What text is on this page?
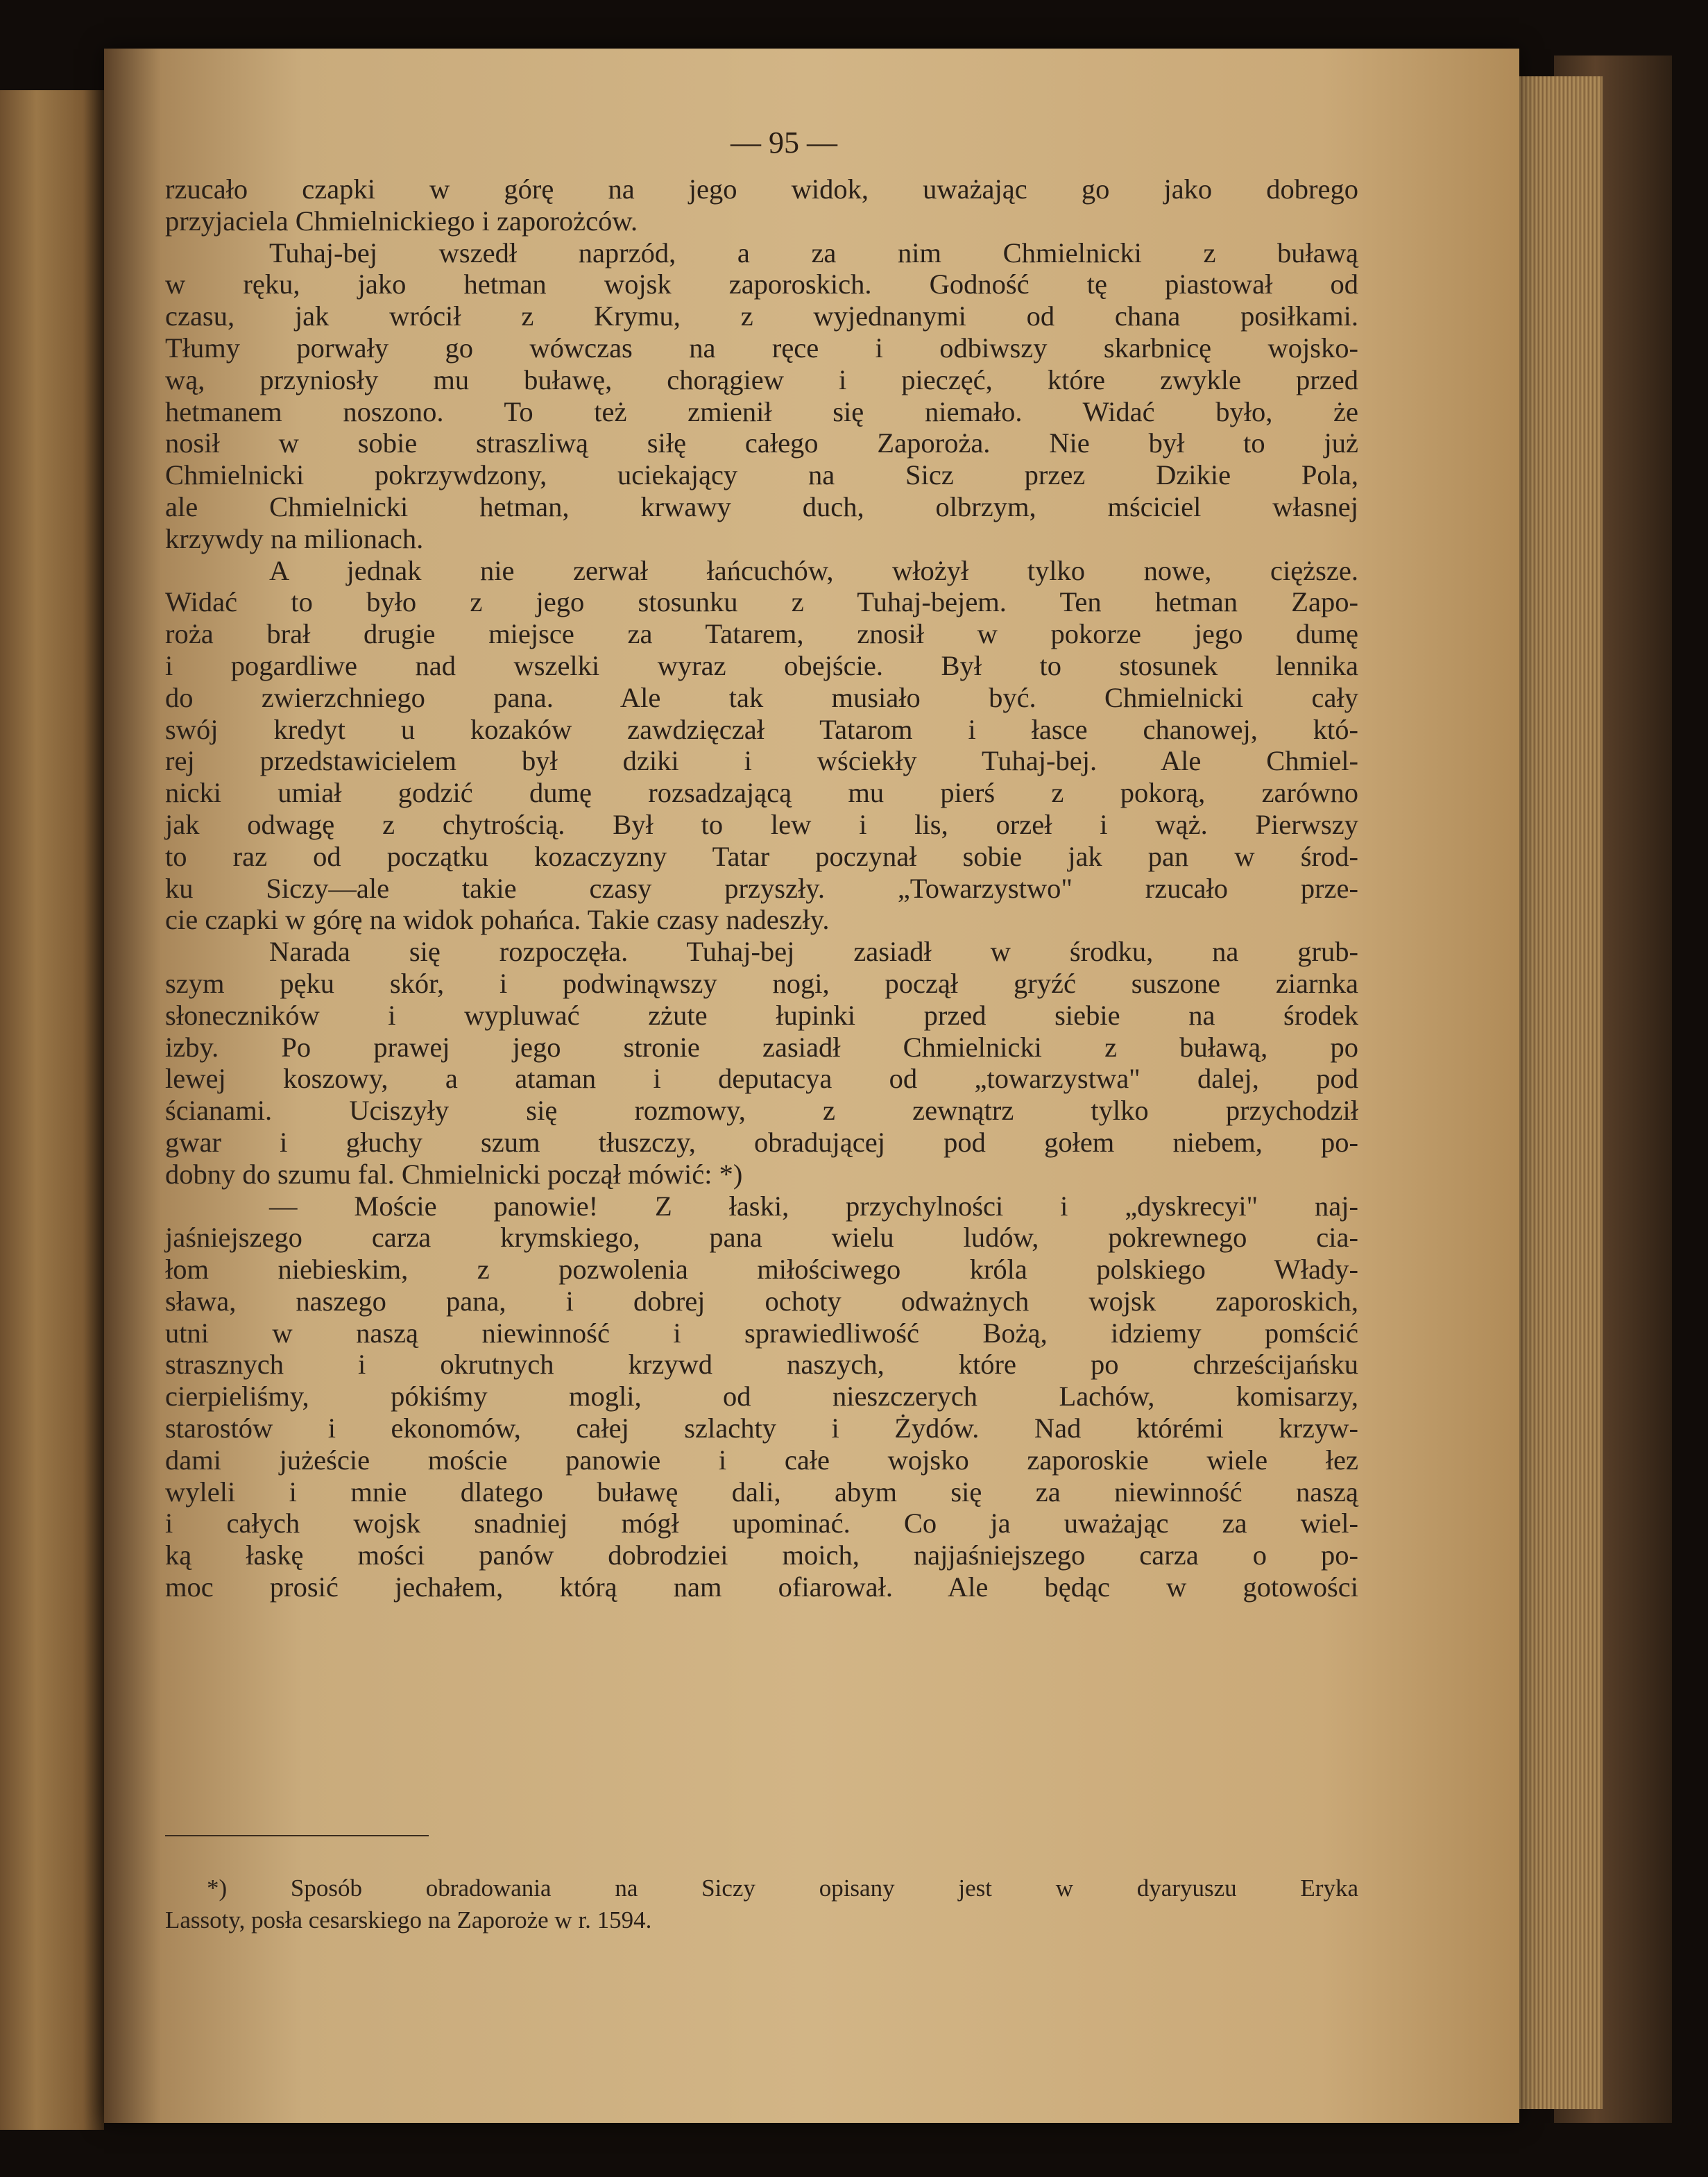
— 95 —
rzucało czapki w górę na jego widok, uważając go jako dobrego
przyjaciela Chmielnickiego i zaporożców.
Tuhaj-bej wszedł naprzód, a za nim Chmielnicki z buławą
w ręku, jako hetman wojsk zaporoskich. Godność tę piastował od
czasu, jak wrócił z Krymu, z wyjednanymi od chana posiłkami.
Tłumy porwały go wówczas na ręce i odbiwszy skarbnicę wojsko-
wą, przyniosły mu buławę, chorągiew i pieczęć, które zwykle przed
hetmanem noszono. To też zmienił się niemało. Widać było, że
nosił w sobie straszliwą siłę całego Zaporoża. Nie był to już
Chmielnicki pokrzywdzony, uciekający na Sicz przez Dzikie Pola,
ale Chmielnicki hetman, krwawy duch, olbrzym, mściciel własnej
krzywdy na milionach.
A jednak nie zerwał łańcuchów, włożył tylko nowe, cięższe.
Widać to było z jego stosunku z Tuhaj-bejem. Ten hetman Zapo-
roża brał drugie miejsce za Tatarem, znosił w pokorze jego dumę
i pogardliwe nad wszelki wyraz obejście. Był to stosunek lennika
do zwierzchniego pana. Ale tak musiało być. Chmielnicki cały
swój kredyt u kozaków zawdzięczał Tatarom i łasce chanowej, któ-
rej przedstawicielem był dziki i wściekły Tuhaj-bej. Ale Chmiel-
nicki umiał godzić dumę rozsadzającą mu pierś z pokorą, zarówno
jak odwagę z chytrością. Był to lew i lis, orzeł i wąż. Pierwszy
to raz od początku kozaczyzny Tatar poczynał sobie jak pan w środ-
ku Siczy—ale takie czasy przyszły. „Towarzystwo" rzucało prze-
cie czapki w górę na widok pohańca. Takie czasy nadeszły.
Narada się rozpoczęła. Tuhaj-bej zasiadł w środku, na grub-
szym pęku skór, i podwinąwszy nogi, począł gryźć suszone ziarnka
słoneczników i wypluwać zżute łupinki przed siebie na środek
izby. Po prawej jego stronie zasiadł Chmielnicki z buławą, po
lewej koszowy, a ataman i deputacya od „towarzystwa" dalej, pod
ścianami. Uciszyły się rozmowy, z zewnątrz tylko przychodził
gwar i głuchy szum tłuszczy, obradującej pod gołem niebem, po-
dobny do szumu fal. Chmielnicki począł mówić: *)
— Moście panowie! Z łaski, przychylności i „dyskrecyi" naj-
jaśniejszego carza krymskiego, pana wielu ludów, pokrewnego cia-
łom niebieskim, z pozwolenia miłościwego króla polskiego Włady-
sława, naszego pana, i dobrej ochoty odważnych wojsk zaporoskich,
utni w naszą niewinność i sprawiedliwość Bożą, idziemy pomścić
strasznych i okrutnych krzywd naszych, które po chrześcijańsku
cierpieliśmy, pókiśmy mogli, od nieszczerych Lachów, komisarzy,
starostów i ekonomów, całej szlachty i Żydów. Nad którémi krzyw-
dami jużeście moście panowie i całe wojsko zaporoskie wiele łez
wyleli i mnie dlatego buławę dali, abym się za niewinność naszą
i całych wojsk snadniej mógł upominać. Co ja uważając za wiel-
ką łaskę mości panów dobrodziei moich, najjaśniejszego carza o po-
moc prosić jechałem, którą nam ofiarował. Ale będąc w gotowości
*) Sposób obradowania na Siczy opisany jest w dyaryuszu Eryka
Lassoty, posła cesarskiego na Zaporoże w r. 1594.
